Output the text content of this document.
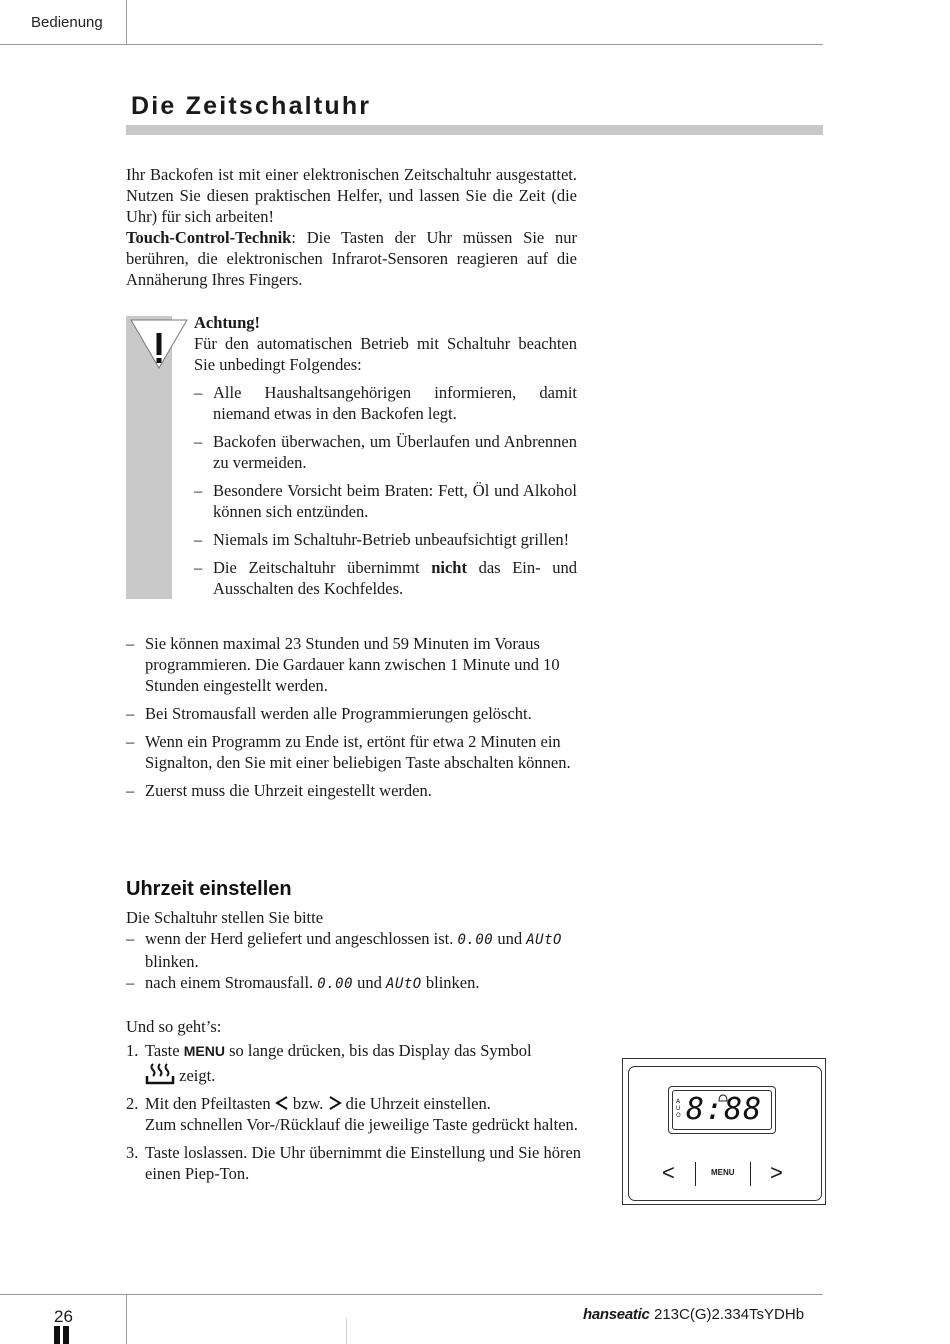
Bedienung
Die Zeitschaltuhr
Ihr Backofen ist mit einer elektronischen Zeitschaltuhr ausgestattet. Nutzen Sie diesen praktischen Helfer, und lassen Sie die Zeit (die Uhr) für sich arbeiten!
Touch-Control-Technik: Die Tasten der Uhr müssen Sie nur berühren, die elektronischen Infrarot-Sensoren reagieren auf die Annäherung Ihres Fingers.
Achtung!
Für den automatischen Betrieb mit Schaltuhr beachten Sie unbedingt Folgendes:
– Alle Haushaltsangehörigen informieren, damit niemand etwas in den Backofen legt.
– Backofen überwachen, um Überlaufen und Anbrennen zu vermeiden.
– Besondere Vorsicht beim Braten: Fett, Öl und Alkohol können sich entzünden.
– Niemals im Schaltuhr-Betrieb unbeaufsichtigt grillen!
– Die Zeitschaltuhr übernimmt nicht das Ein- und Ausschalten des Kochfeldes.
– Sie können maximal 23 Stunden und 59 Minuten im Voraus programmieren. Die Gardauer kann zwischen 1 Minute und 10 Stunden eingestellt werden.
– Bei Stromausfall werden alle Programmierungen gelöscht.
– Wenn ein Programm zu Ende ist, ertönt für etwa 2 Minuten ein Signalton, den Sie mit einer beliebigen Taste abschalten können.
– Zuerst muss die Uhrzeit eingestellt werden.
Uhrzeit einstellen
Die Schaltuhr stellen Sie bitte
– wenn der Herd geliefert und angeschlossen ist. 0.00 und AUtO
blinken.
– nach einem Stromausfall. 0.00 und AUtO blinken.
Und so geht’s:
1. Taste MENU so lange drücken, bis das Display das Symbol
zeigt.
2. Mit den Pfeiltasten bzw. die Uhrzeit einstellen.
Zum schnellen Vor-/Rücklauf die jeweilige Taste gedrückt halten.
3. Taste loslassen. Die Uhr übernimmt die Einstellung und Sie hören einen Piep-Ton.
A
U
O 8:88
<	MENU >
26	hanseatic 213C(G)2.334TsYDHb
